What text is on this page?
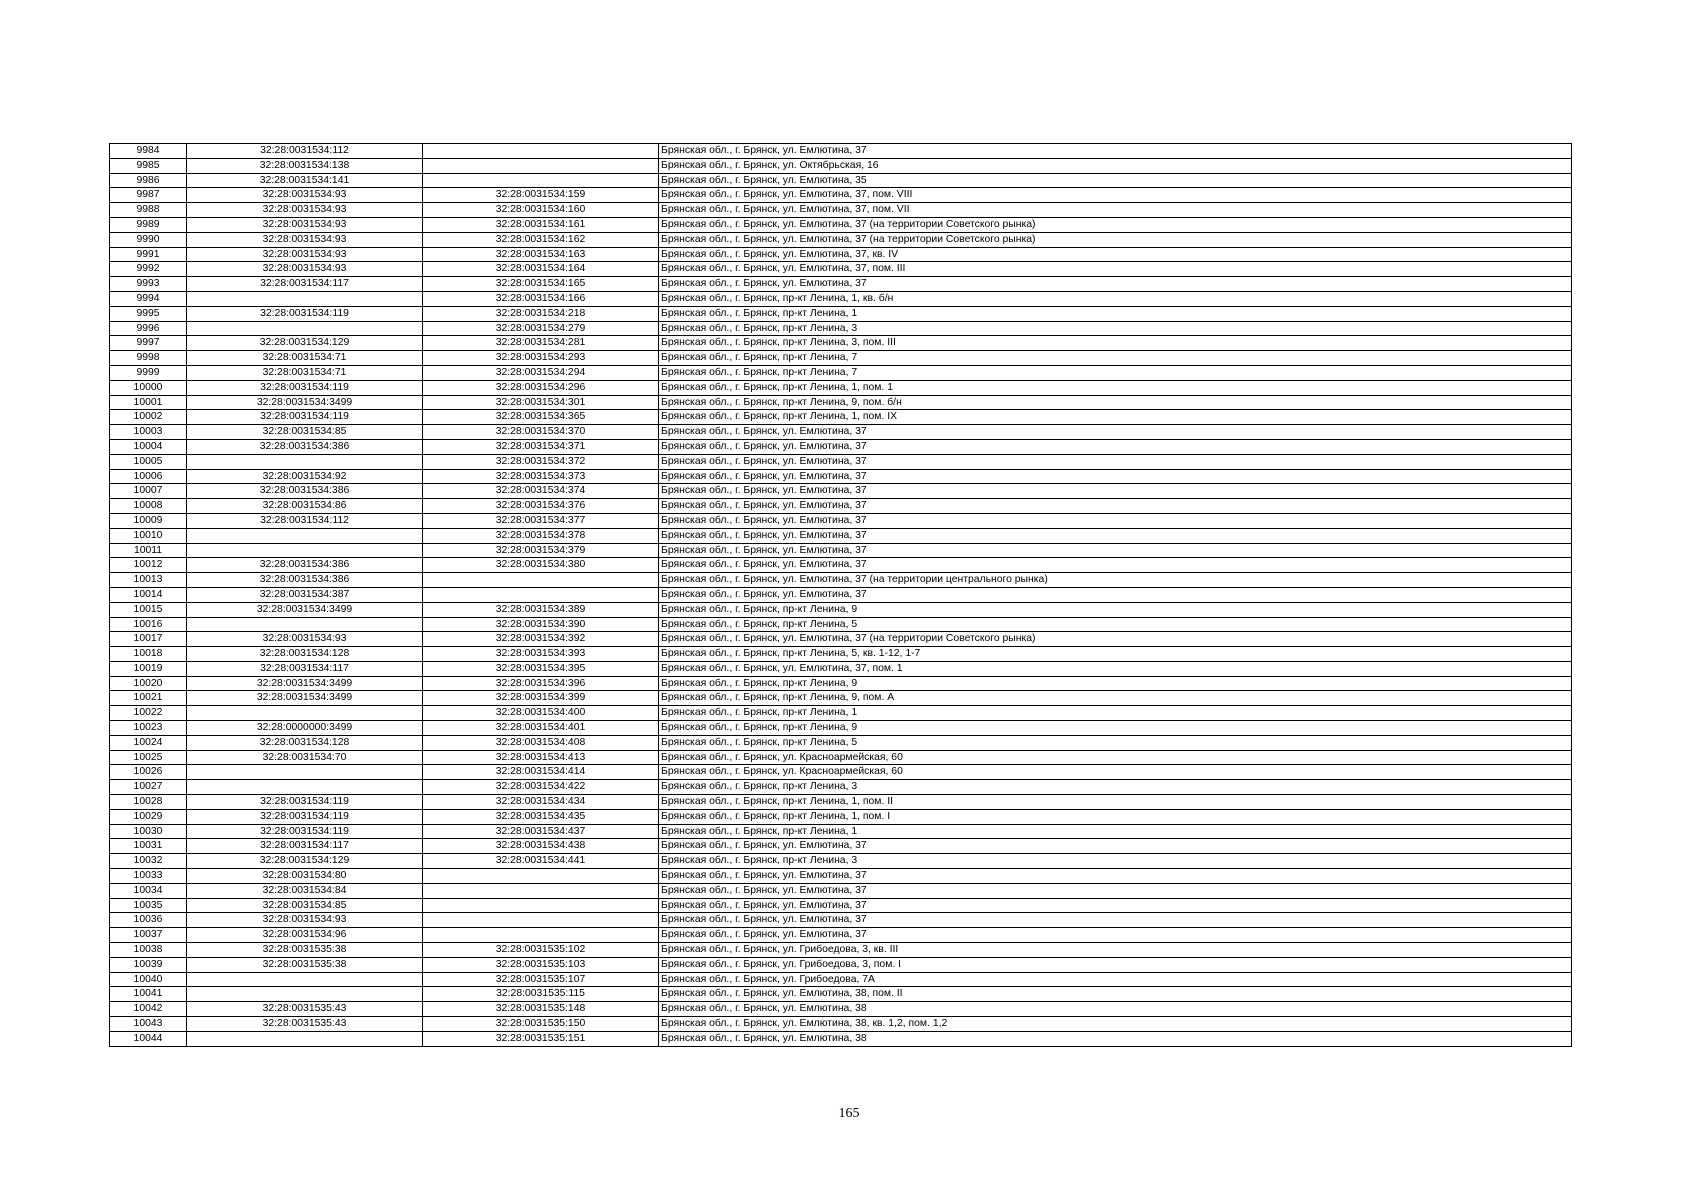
9984	32:28:0031534:112		Брянская обл., г. Брянск, ул. Емлютина, 37
9985	32:28:0031534:138		Брянская обл., г. Брянск, ул. Октябрьская, 16
9986	32:28:0031534:141		Брянская обл., г. Брянск, ул. Емлютина, 35
9987	32:28:0031534:93	32:28:0031534:159	Брянская обл., г. Брянск, ул. Емлютина, 37, пом. VIII
9988	32:28:0031534:93	32:28:0031534:160	Брянская обл., г. Брянск, ул. Емлютина, 37, пом. VII
9989	32:28:0031534:93	32:28:0031534:161	Брянская обл., г. Брянск, ул. Емлютина, 37 (на территории Советского рынка)
9990	32:28:0031534:93	32:28:0031534:162	Брянская обл., г. Брянск, ул. Емлютина, 37 (на территории Советского рынка)
9991	32:28:0031534:93	32:28:0031534:163	Брянская обл., г. Брянск, ул. Емлютина, 37, кв. IV
9992	32:28:0031534:93	32:28:0031534:164	Брянская обл., г. Брянск, ул. Емлютина, 37, пом. III
9993	32:28:0031534:117	32:28:0031534:165	Брянская обл., г. Брянск, ул. Емлютина, 37
9994		32:28:0031534:166	Брянская обл., г. Брянск, пр-кт Ленина, 1, кв. б/н
9995	32:28:0031534:119	32:28:0031534:218	Брянская обл., г. Брянск, пр-кт Ленина, 1
9996		32:28:0031534:279	Брянская обл., г. Брянск, пр-кт Ленина, 3
9997	32:28:0031534:129	32:28:0031534:281	Брянская обл., г. Брянск, пр-кт Ленина, 3, пом. III
9998	32:28:0031534:71	32:28:0031534:293	Брянская обл., г. Брянск, пр-кт Ленина, 7
9999	32:28:0031534:71	32:28:0031534:294	Брянская обл., г. Брянск, пр-кт Ленина, 7
10000	32:28:0031534:119	32:28:0031534:296	Брянская обл., г. Брянск, пр-кт Ленина, 1, пом. 1
10001	32:28:0031534:3499	32:28:0031534:301	Брянская обл., г. Брянск, пр-кт Ленина, 9, пом. б/н
10002	32:28:0031534:119	32:28:0031534:365	Брянская обл., г. Брянск, пр-кт Ленина, 1, пом. IX
10003	32:28:0031534:85	32:28:0031534:370	Брянская обл., г. Брянск, ул. Емлютина, 37
10004	32:28:0031534:386	32:28:0031534:371	Брянская обл., г. Брянск, ул. Емлютина, 37
10005		32:28:0031534:372	Брянская обл., г. Брянск, ул. Емлютина, 37
10006	32:28:0031534:92	32:28:0031534:373	Брянская обл., г. Брянск, ул. Емлютина, 37
10007	32:28:0031534:386	32:28:0031534:374	Брянская обл., г. Брянск, ул. Емлютина, 37
10008	32:28:0031534:86	32:28:0031534:376	Брянская обл., г. Брянск, ул. Емлютина, 37
10009	32:28:0031534:112	32:28:0031534:377	Брянская обл., г. Брянск, ул. Емлютина, 37
10010		32:28:0031534:378	Брянская обл., г. Брянск, ул. Емлютина, 37
10011		32:28:0031534:379	Брянская обл., г. Брянск, ул. Емлютина, 37
10012	32:28:0031534:386	32:28:0031534:380	Брянская обл., г. Брянск, ул. Емлютина, 37
10013	32:28:0031534:386		Брянская обл., г. Брянск, ул. Емлютина, 37 (на территории центрального рынка)
10014	32:28:0031534:387		Брянская обл., г. Брянск, ул. Емлютина, 37
10015	32:28:0031534:3499	32:28:0031534:389	Брянская обл., г. Брянск, пр-кт Ленина, 9
10016		32:28:0031534:390	Брянская обл., г. Брянск, пр-кт Ленина, 5
10017	32:28:0031534:93	32:28:0031534:392	Брянская обл., г. Брянск, ул. Емлютина, 37 (на территории Советского рынка)
10018	32:28:0031534:128	32:28:0031534:393	Брянская обл., г. Брянск, пр-кт Ленина, 5, кв. 1-12, 1-7
10019	32:28:0031534:117	32:28:0031534:395	Брянская обл., г. Брянск, ул. Емлютина, 37, пом. 1
10020	32:28:0031534:3499	32:28:0031534:396	Брянская обл., г. Брянск, пр-кт Ленина, 9
10021	32:28:0031534:3499	32:28:0031534:399	Брянская обл., г. Брянск, пр-кт Ленина, 9, пом. А
10022		32:28:0031534:400	Брянская обл., г. Брянск, пр-кт Ленина, 1
10023	32:28:0000000:3499	32:28:0031534:401	Брянская обл., г. Брянск, пр-кт Ленина, 9
10024	32:28:0031534:128	32:28:0031534:408	Брянская обл., г. Брянск, пр-кт Ленина, 5
10025	32:28:0031534:70	32:28:0031534:413	Брянская обл., г. Брянск, ул. Красноармейская, 60
10026		32:28:0031534:414	Брянская обл., г. Брянск, ул. Красноармейская, 60
10027		32:28:0031534:422	Брянская обл., г. Брянск, пр-кт Ленина, 3
10028	32:28:0031534:119	32:28:0031534:434	Брянская обл., г. Брянск, пр-кт Ленина, 1, пом. II
10029	32:28:0031534:119	32:28:0031534:435	Брянская обл., г. Брянск, пр-кт Ленина, 1, пом. I
10030	32:28:0031534:119	32:28:0031534:437	Брянская обл., г. Брянск, пр-кт Ленина, 1
10031	32:28:0031534:117	32:28:0031534:438	Брянская обл., г. Брянск, ул. Емлютина, 37
10032	32:28:0031534:129	32:28:0031534:441	Брянская обл., г. Брянск, пр-кт Ленина, 3
10033	32:28:0031534:80		Брянская обл., г. Брянск, ул. Емлютина, 37
10034	32:28:0031534:84		Брянская обл., г. Брянск, ул. Емлютина, 37
10035	32:28:0031534:85		Брянская обл., г. Брянск, ул. Емлютина, 37
10036	32:28:0031534:93		Брянская обл., г. Брянск, ул. Емлютина, 37
10037	32:28:0031534:96		Брянская обл., г. Брянск, ул. Емлютина, 37
10038	32:28:0031535:38	32:28:0031535:102	Брянская обл., г. Брянск, ул. Грибоедова, 3, кв. III
10039	32:28:0031535:38	32:28:0031535:103	Брянская обл., г. Брянск, ул. Грибоедова, 3, пом. I
10040		32:28:0031535:107	Брянская обл., г. Брянск, ул. Грибоедова, 7А
10041		32:28:0031535:115	Брянская обл., г. Брянск, ул. Емлютина, 38, пом. II
10042	32:28:0031535:43	32:28:0031535:148	Брянская обл., г. Брянск, ул. Емлютина, 38
10043	32:28:0031535:43	32:28:0031535:150	Брянская обл., г. Брянск, ул. Емлютина, 38, кв. 1,2, пом. 1,2
10044		32:28:0031535:151	Брянская обл., г. Брянск, ул. Емлютина, 38
165
